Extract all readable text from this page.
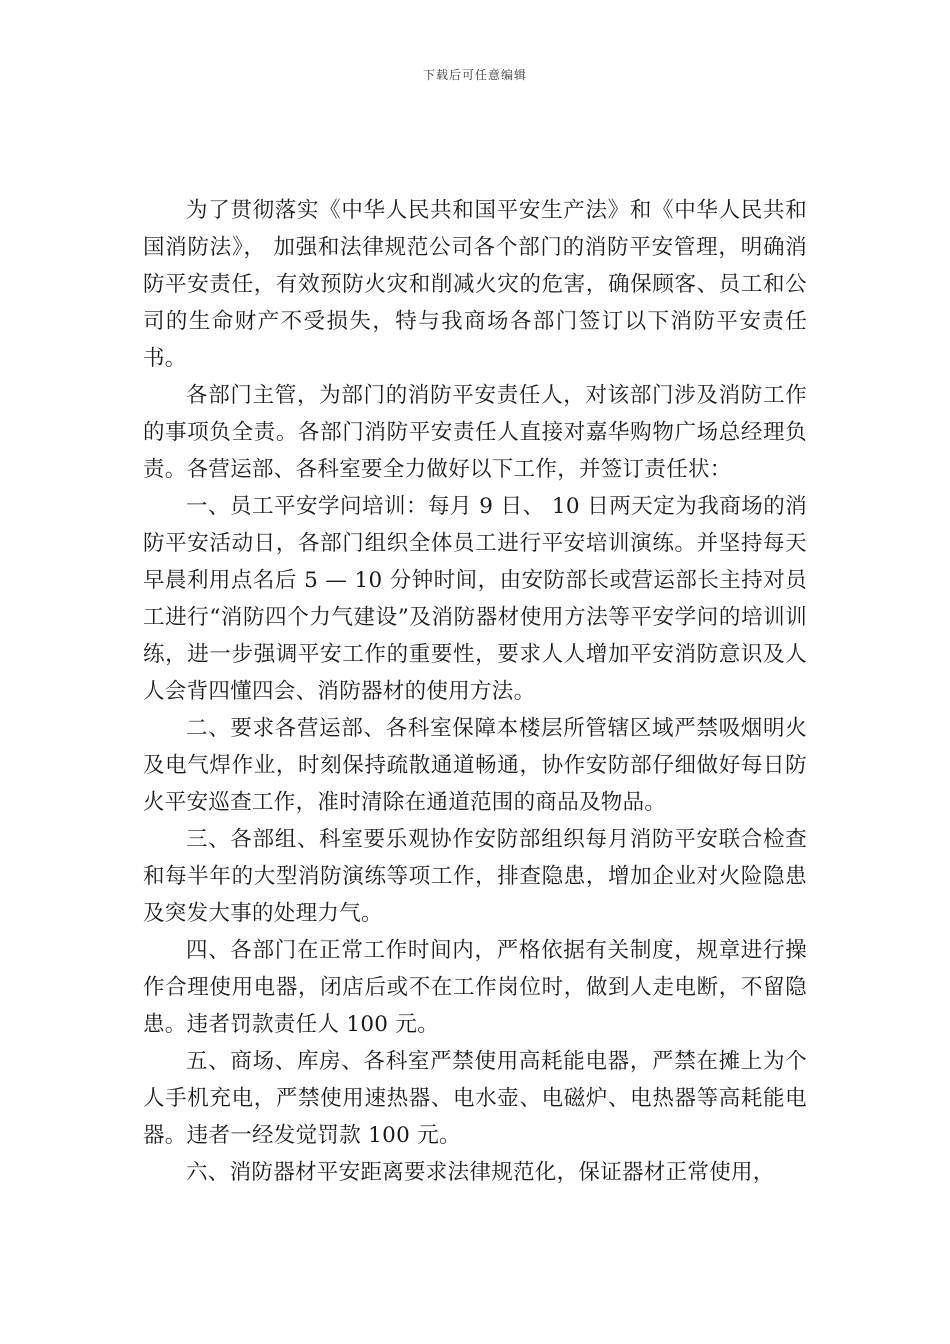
下载后可任意编辑

为了贯彻落实《中华人民共和国平安生产法》和《中华人民共和国消防法》， 加强和法律规范公司各个部门的消防平安管理，明确消防平安责任，有效预防火灾和削减火灾的危害，确保顾客、员工和公司的生命财产不受损失，特与我商场各部门签订以下消防平安责任书。

各部门主管，为部门的消防平安责任人，对该部门涉及消防工作的事项负全责。各部门消防平安责任人直接对嘉华购物广场总经理负责。各营运部、各科室要全力做好以下工作，并签订责任状：

一、员工平安学问培训：每月 9 日、 10 日两天定为我商场的消防平安活动日，各部门组织全体员工进行平安培训演练。并坚持每天早晨利用点名后 5 — 10 分钟时间，由安防部长或营运部长主持对员工进行“消防四个力气建设”及消防器材使用方法等平安学问的培训训练，进一步强调平安工作的重要性，要求人人增加平安消防意识及人人会背四懂四会、消防器材的使用方法。

二、要求各营运部、各科室保障本楼层所管辖区域严禁吸烟明火及电气焊作业，时刻保持疏散通道畅通，协作安防部仔细做好每日防火平安巡查工作，准时清除在通道范围的商品及物品。

三、各部组、科室要乐观协作安防部组织每月消防平安联合检查和每半年的大型消防演练等项工作，排查隐患，增加企业对火险隐患及突发大事的处理力气。

四、各部门在正常工作时间内，严格依据有关制度，规章进行操作合理使用电器，闭店后或不在工作岗位时，做到人走电断，不留隐患。违者罚款责任人 100 元。

五、商场、库房、各科室严禁使用高耗能电器，严禁在摊上为个人手机充电，严禁使用速热器、电水壶、电磁炉、电热器等高耗能电器。违者一经发觉罚款 100 元。

六、消防器材平安距离要求法律规范化，保证器材正常使用，
